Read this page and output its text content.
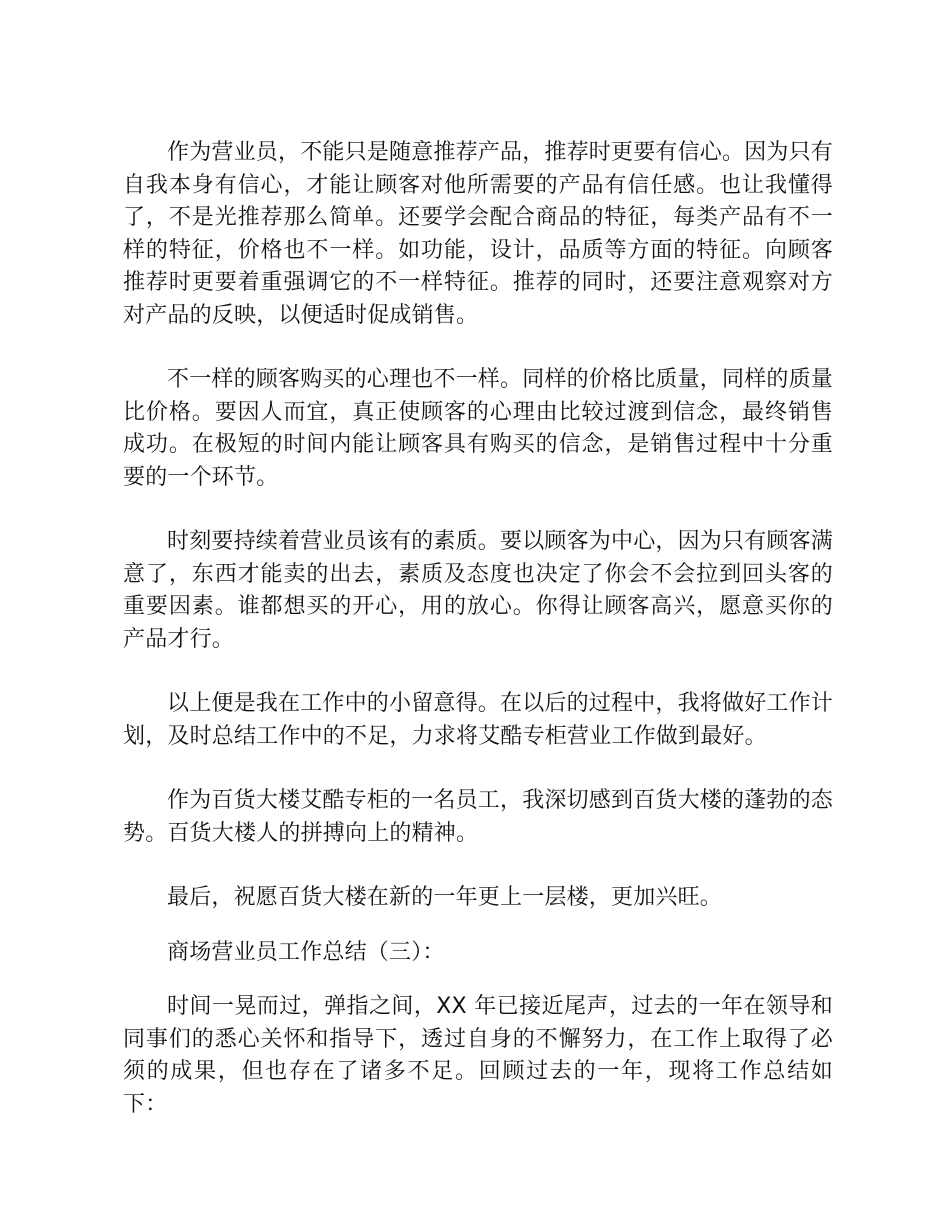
作为营业员，不能只是随意推荐产品，推荐时更要有信心。因为只有自我本身有信心，才能让顾客对他所需要的产品有信任感。也让我懂得了，不是光推荐那么简单。还要学会配合商品的特征，每类产品有不一样的特征，价格也不一样。如功能，设计，品质等方面的特征。向顾客推荐时更要着重强调它的不一样特征。推荐的同时，还要注意观察对方对产品的反映，以便适时促成销售。

不一样的顾客购买的心理也不一样。同样的价格比质量，同样的质量比价格。要因人而宜，真正使顾客的心理由比较过渡到信念，最终销售成功。在极短的时间内能让顾客具有购买的信念，是销售过程中十分重要的一个环节。

时刻要持续着营业员该有的素质。要以顾客为中心，因为只有顾客满意了，东西才能卖的出去，素质及态度也决定了你会不会拉到回头客的重要因素。谁都想买的开心，用的放心。你得让顾客高兴，愿意买你的产品才行。

以上便是我在工作中的小留意得。在以后的过程中，我将做好工作计划，及时总结工作中的不足，力求将艾酷专柜营业工作做到最好。

作为百货大楼艾酷专柜的一名员工，我深切感到百货大楼的蓬勃的态势。百货大楼人的拼搏向上的精神。

最后，祝愿百货大楼在新的一年更上一层楼，更加兴旺。

商场营业员工作总结（三）：

时间一晃而过，弹指之间，XX 年已接近尾声，过去的一年在领导和同事们的悉心关怀和指导下，透过自身的不懈努力，在工作上取得了必须的成果，但也存在了诸多不足。回顾过去的一年，现将工作总结如下：
